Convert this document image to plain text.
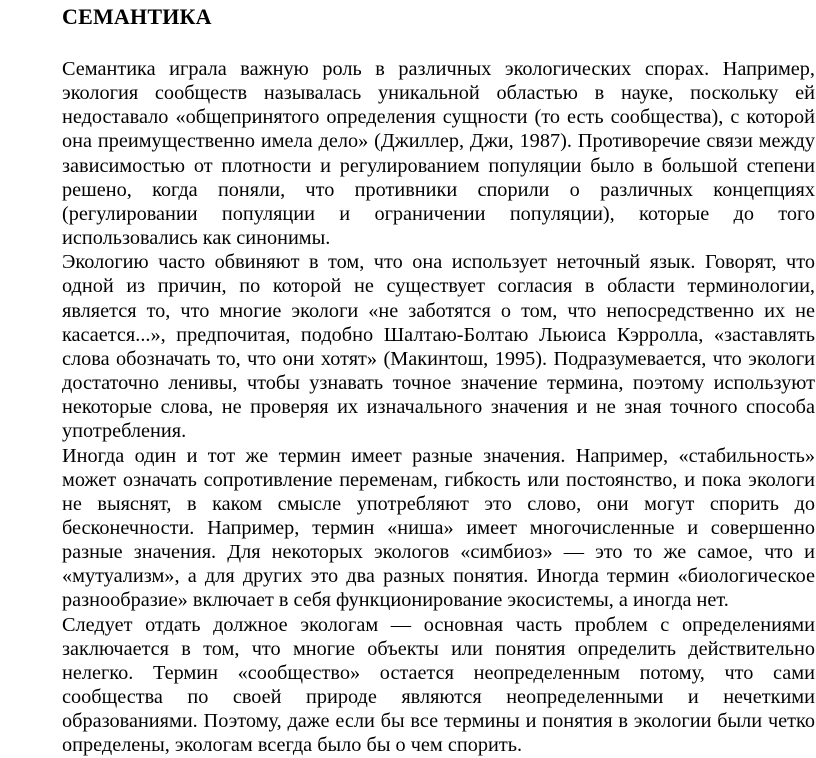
СЕМАНТИКА

Семантика играла важную роль в различных экологических спорах. Например, экология сообществ называлась уникальной областью в науке, поскольку ей недоставало «общепринятого определения сущности (то есть сообщества), с которой она преимущественно имела дело» (Джиллер, Джи, 1987). Противоречие связи между зависимостью от плотности и регулированием популяции было в большой степени решено, когда поняли, что противники спорили о различных концепциях (регулировании популяции и ограничении популяции), которые до того использовались как синонимы.

Экологию часто обвиняют в том, что она использует неточный язык. Говорят, что одной из причин, по которой не существует согласия в области терминологии, является то, что многие экологи «не заботятся о том, что непосредственно их не касается...», предпочитая, подобно Шалтаю-Болтаю Льюиса Кэрролла, «заставлять слова обозначать то, что они хотят» (Макинтош, 1995). Подразумевается, что экологи достаточно ленивы, чтобы узнавать точное значение термина, поэтому используют некоторые слова, не проверяя их изначального значения и не зная точного способа употребления.

Иногда один и тот же термин имеет разные значения. Например, «стабильность» может означать сопротивление переменам, гибкость или постоянство, и пока экологи не выяснят, в каком смысле употребляют это слово, они могут спорить до бесконечности. Например, термин «ниша» имеет многочисленные и совершенно разные значения. Для некоторых экологов «симбиоз» — это то же самое, что и «мутуализм», а для других это два разных понятия. Иногда термин «биологическое разнообразие» включает в себя функционирование экосистемы, а иногда нет.

Следует отдать должное экологам — основная часть проблем с определениями заключается в том, что многие объекты или понятия определить действительно нелегко. Термин «сообщество» остается неопределенным потому, что сами сообщества по своей природе являются неопределенными и нечеткими образованиями. Поэтому, даже если бы все термины и понятия в экологии были четко определены, экологам всегда было бы о чем спорить.
